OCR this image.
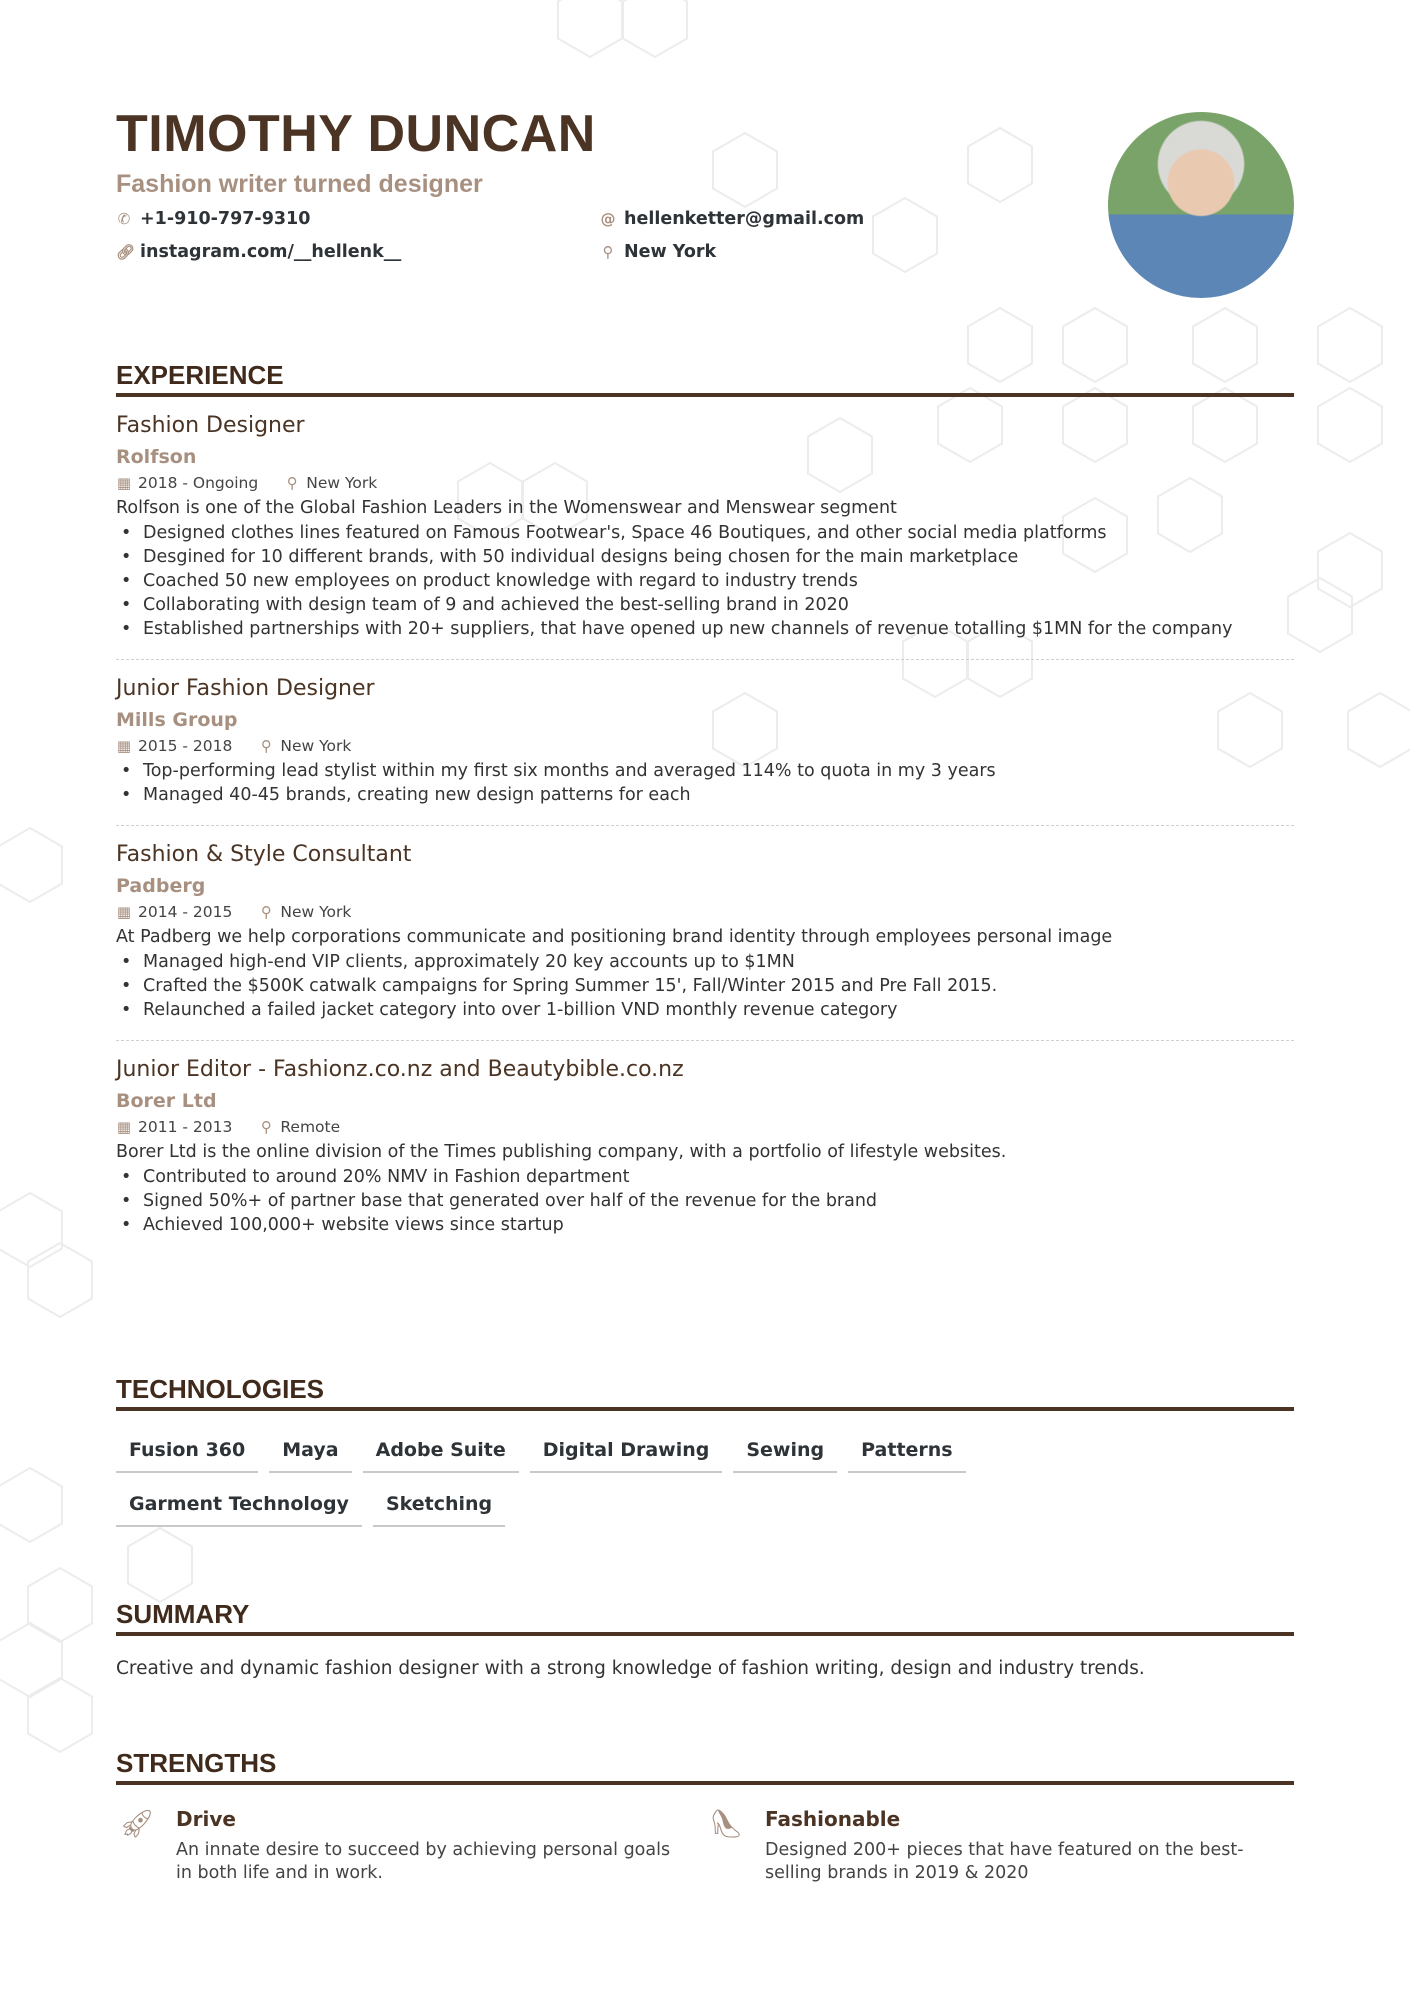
TIMOTHY DUNCAN
Fashion writer turned designer
✆ +1-910-797-9310
🔗︎ instagram.com/__hellenk__
@ hellenketter@gmail.com
⚲ New York
EXPERIENCE
Fashion Designer
Rolfson
▦ 2018 - Ongoing ⚲ New York
Rolfson is one of the Global Fashion Leaders in the Womenswear and Menswear segment
• Designed clothes lines featured on Famous Footwear's, Space 46 Boutiques, and other social media platforms
• Desgined for 10 different brands, with 50 individual designs being chosen for the main marketplace
• Coached 50 new employees on product knowledge with regard to industry trends
• Collaborating with design team of 9 and achieved the best-selling brand in 2020
• Established partnerships with 20+ suppliers, that have opened up new channels of revenue totalling $1MN for the company
Junior Fashion Designer
Mills Group
▦ 2015 - 2018 ⚲ New York
• Top-performing lead stylist within my first six months and averaged 114% to quota in my 3 years
• Managed 40-45 brands, creating new design patterns for each
Fashion & Style Consultant
Padberg
▦ 2014 - 2015 ⚲ New York
At Padberg we help corporations communicate and positioning brand identity through employees personal image
• Managed high-end VIP clients, approximately 20 key accounts up to $1MN
• Crafted the $500K catwalk campaigns for Spring Summer 15', Fall/Winter 2015 and Pre Fall 2015.
• Relaunched a failed jacket category into over 1-billion VND monthly revenue category
Junior Editor - Fashionz.co.nz and Beautybible.co.nz
Borer Ltd
▦ 2011 - 2013 ⚲ Remote
Borer Ltd is the online division of the Times publishing company, with a portfolio of lifestyle websites.
• Contributed to around 20% NMV in Fashion department
• Signed 50%+ of partner base that generated over half of the revenue for the brand
• Achieved 100,000+ website views since startup
TECHNOLOGIES
Fusion 360	Maya	Adobe Suite	Digital Drawing	Sewing	Patterns
Garment Technology	Sketching
SUMMARY
Creative and dynamic fashion designer with a strong knowledge of fashion writing, design and industry trends.
STRENGTHS
🚀︎ Drive
An innate desire to succeed by achieving personal goals in both life and in work.
👠︎ Fashionable
Designed 200+ pieces that have featured on the best-selling brands in 2019 & 2020
